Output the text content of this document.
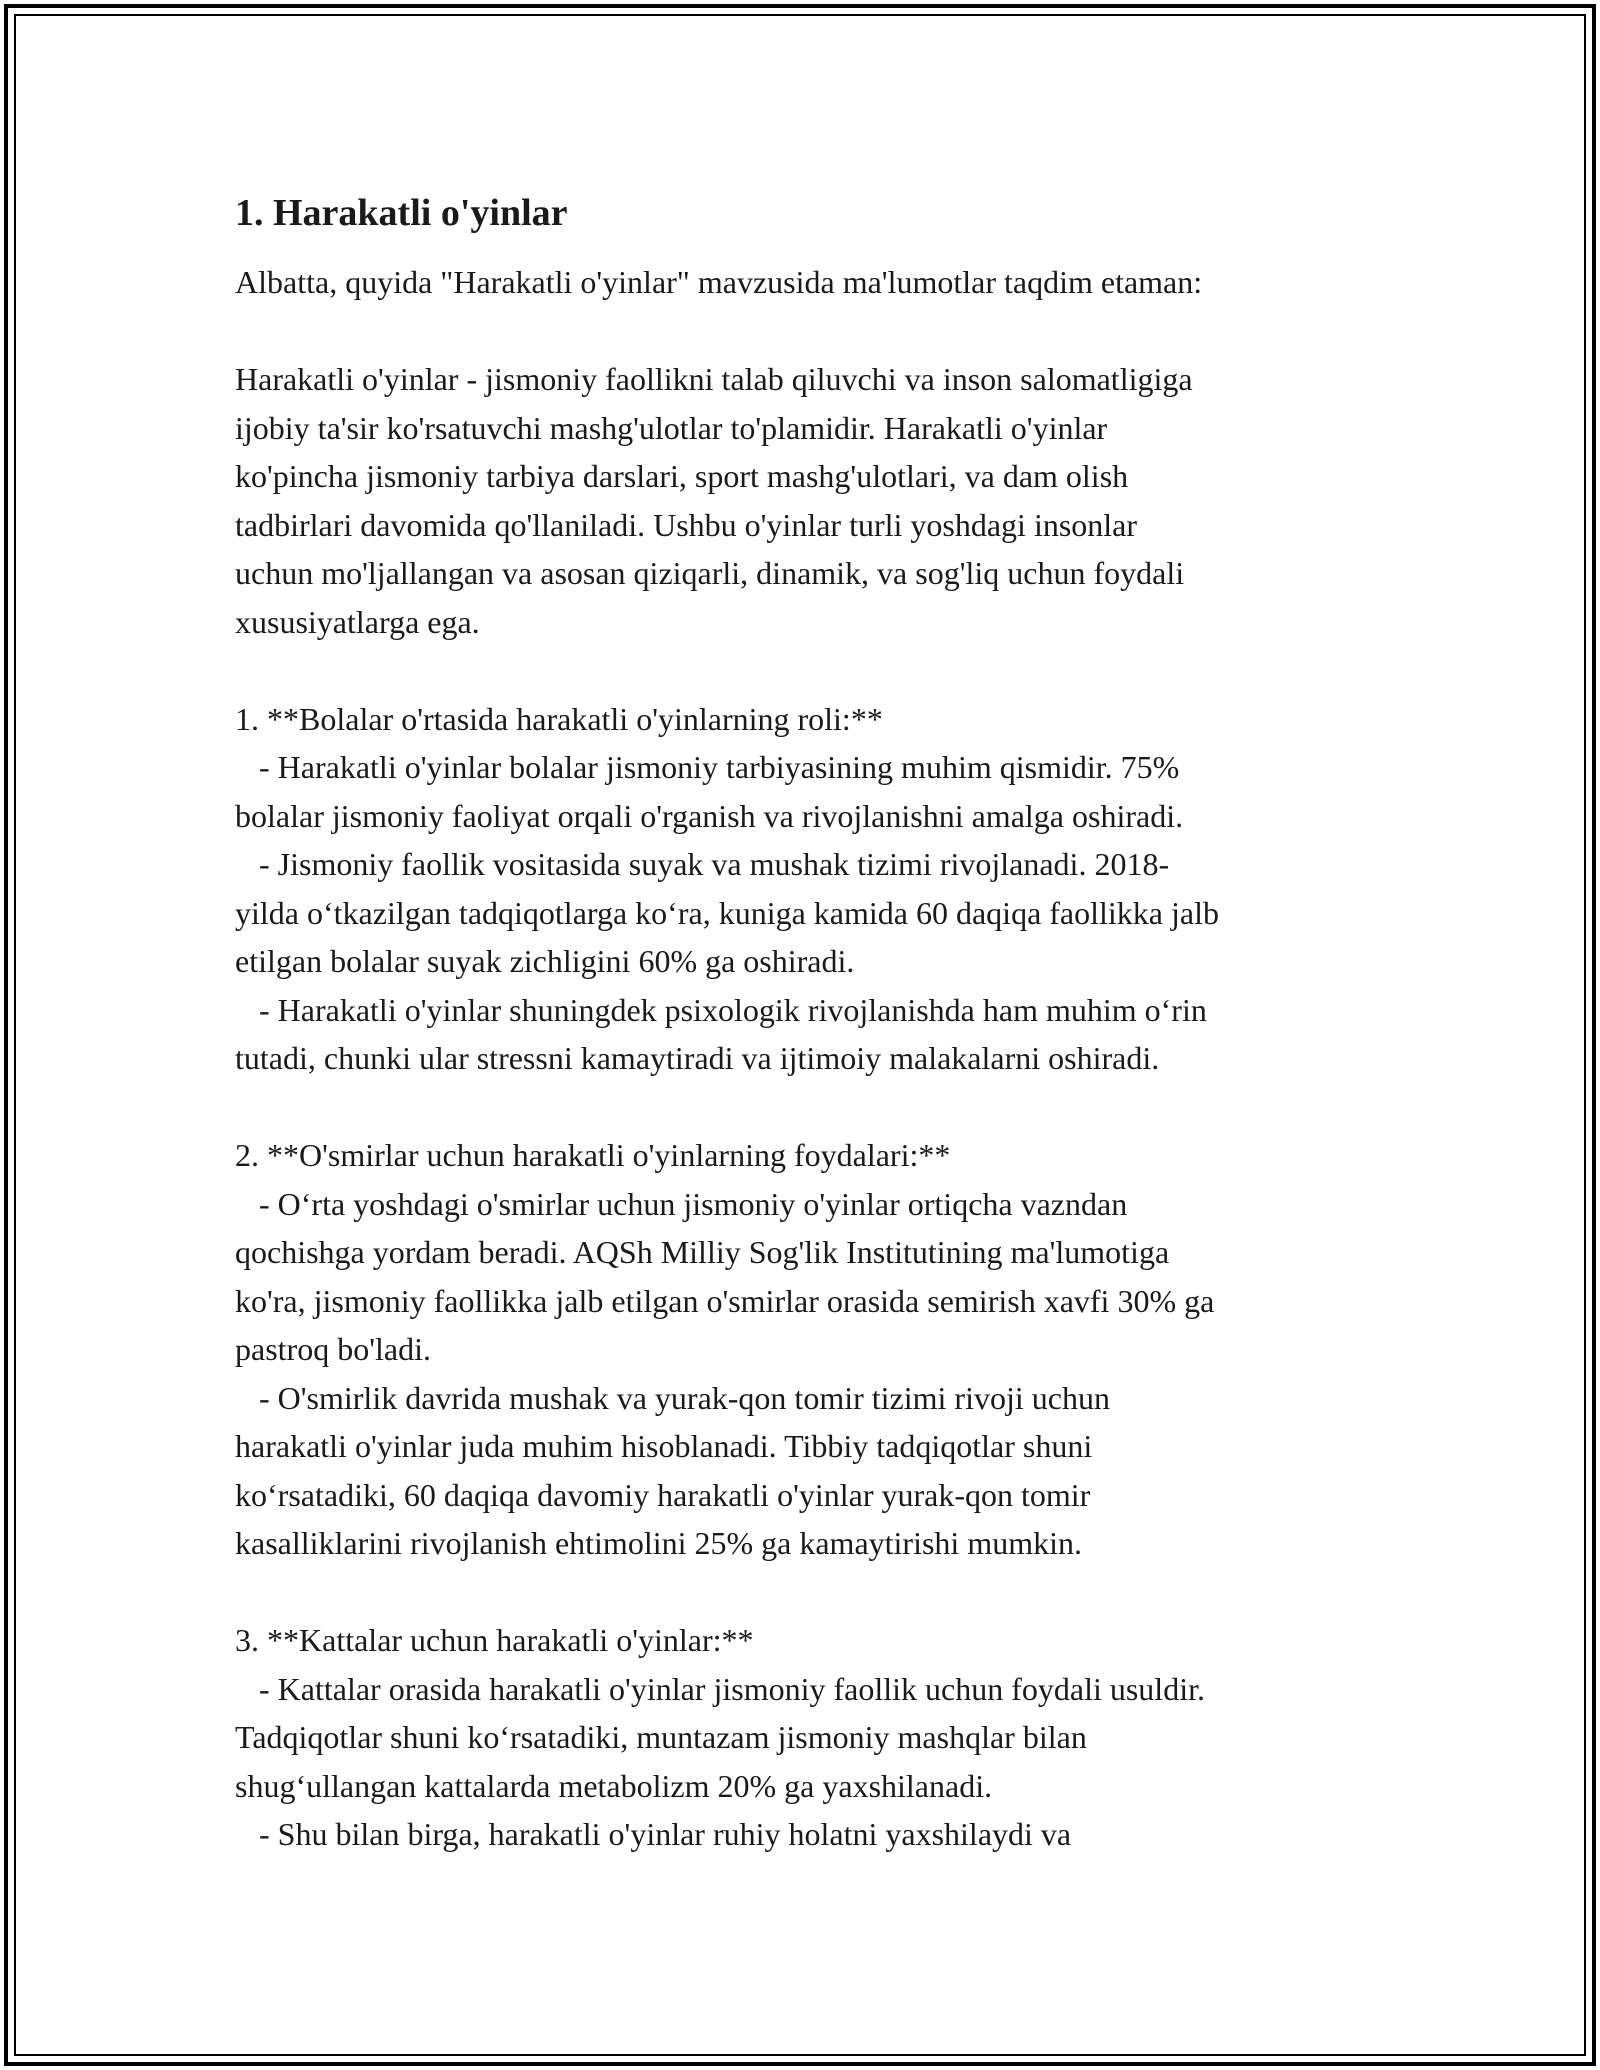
1. Harakatli o'yinlar

Albatta, quyida "Harakatli o'yinlar" mavzusida ma'lumotlar taqdim etaman:

Harakatli o'yinlar - jismoniy faollikni talab qiluvchi va inson salomatligiga
ijobiy ta'sir ko'rsatuvchi mashg'ulotlar to'plamidir. Harakatli o'yinlar
ko'pincha jismoniy tarbiya darslari, sport mashg'ulotlari, va dam olish
tadbirlari davomida qo'llaniladi. Ushbu o'yinlar turli yoshdagi insonlar
uchun mo'ljallangan va asosan qiziqarli, dinamik, va sog'liq uchun foydali
xususiyatlarga ega.

1. **Bolalar o'rtasida harakatli o'yinlarning roli:**
- Harakatli o'yinlar bolalar jismoniy tarbiyasining muhim qismidir. 75%
bolalar jismoniy faoliyat orqali o'rganish va rivojlanishni amalga oshiradi.
- Jismoniy faollik vositasida suyak va mushak tizimi rivojlanadi. 2018-
yilda o‘tkazilgan tadqiqotlarga ko‘ra, kuniga kamida 60 daqiqa faollikka jalb
etilgan bolalar suyak zichligini 60% ga oshiradi.
- Harakatli o'yinlar shuningdek psixologik rivojlanishda ham muhim o‘rin
tutadi, chunki ular stressni kamaytiradi va ijtimoiy malakalarni oshiradi.

2. **O'smirlar uchun harakatli o'yinlarning foydalari:**
- O‘rta yoshdagi o'smirlar uchun jismoniy o'yinlar ortiqcha vazndan
qochishga yordam beradi. AQSh Milliy Sog'lik Institutining ma'lumotiga
ko'ra, jismoniy faollikka jalb etilgan o'smirlar orasida semirish xavfi 30% ga
pastroq bo'ladi.
- O'smirlik davrida mushak va yurak-qon tomir tizimi rivoji uchun
harakatli o'yinlar juda muhim hisoblanadi. Tibbiy tadqiqotlar shuni
ko‘rsatadiki, 60 daqiqa davomiy harakatli o'yinlar yurak-qon tomir
kasalliklarini rivojlanish ehtimolini 25% ga kamaytirishi mumkin.

3. **Kattalar uchun harakatli o'yinlar:**
- Kattalar orasida harakatli o'yinlar jismoniy faollik uchun foydali usuldir.
Tadqiqotlar shuni ko‘rsatadiki, muntazam jismoniy mashqlar bilan
shug‘ullangan kattalarda metabolizm 20% ga yaxshilanadi.
- Shu bilan birga, harakatli o'yinlar ruhiy holatni yaxshilaydi va
